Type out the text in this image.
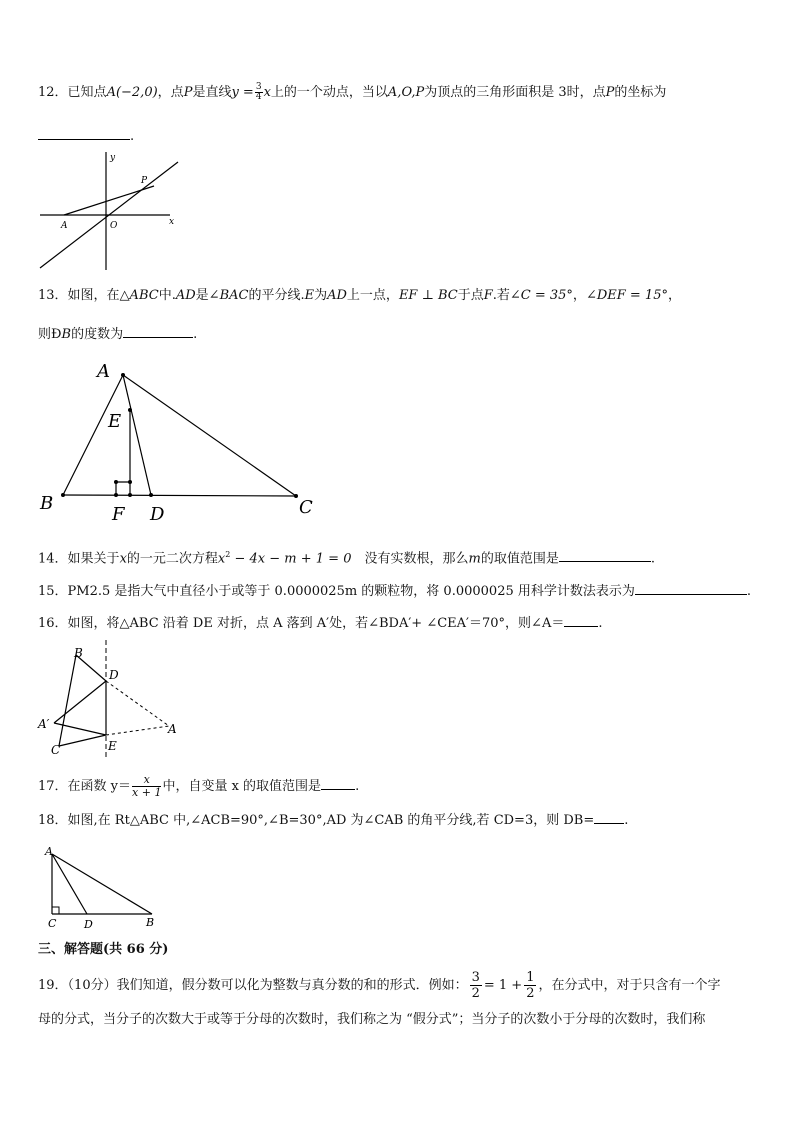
12．已知点A(−2,0)，点P是直线$y = \frac{3}{4}$ x上的一个动点，当以A,O,P为顶点的三角形面积是 3时，点P的坐标为
.
y
x
A	O
P
13．如图，在△ABC中.AD是∠BAC的平分线.E为AD上一点，EF ⊥ BC于点F.若∠C = 35°，∠DEF = 15°，
则ÐB的度数为	.
A
E
B
F D	C
14．如果关于x的一元二次方程$x^2 - 4x - m + 1 = 0$　没有实数根，那么m的取值范围是	.
15．PM2.5 是指大气中直径小于或等于 0.0000025m 的颗粒物，将 0.0000025 用科学计数法表示为	.
16．如图，将△ABC 沿着 DE 对折，点 A 落到 A′处，若∠BDA′+ ∠CEA′＝70°，则∠A＝	.
B
D
A′	A
C	E
17．在函数 $y= \frac{x}{x + 1}$ 中，自变量 x 的取值范围是	.
18．如图,在 Rt△ABC 中,∠ACB=90°,∠B=30°,AD 为∠CAB 的角平分线,若 CD=3，则 DB= .
A
C	D	B
三、解答题(共 66 分)
19．（10分）我们知道，假分数可以化为整数与真分数的和的形式．例如： $\frac{3}{2} = 1 + \frac{1}{2}$ ，在分式中，对于只含有一个字
母的分式，当分子的次数大于或等于分母的次数时，我们称之为 “假分式”；当分子的次数小于分母的次数时，我们称
